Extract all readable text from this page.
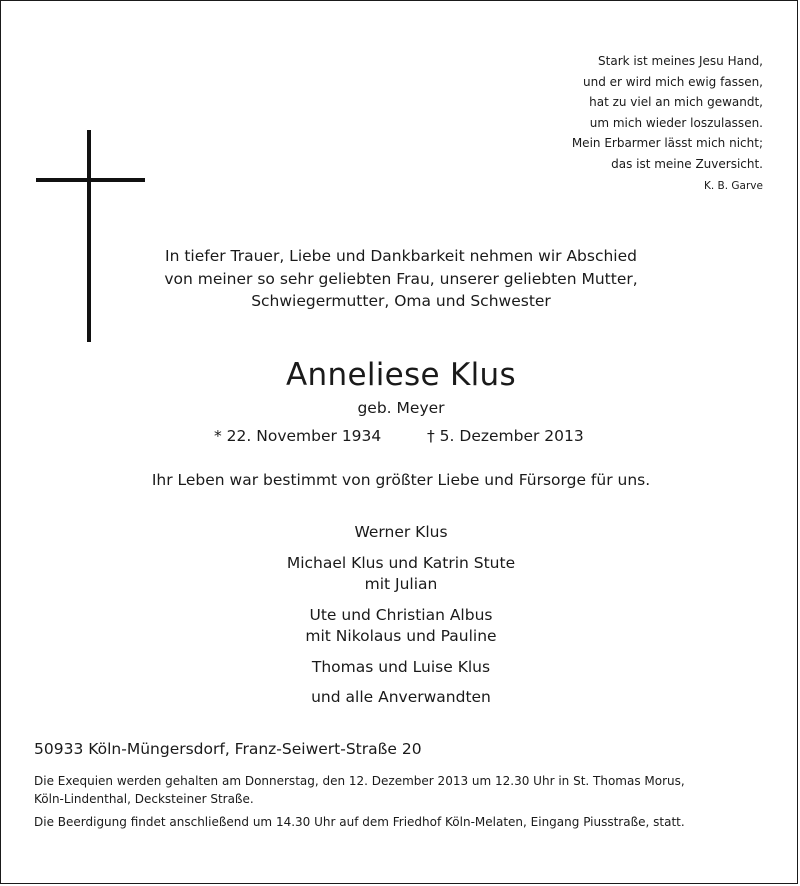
Stark ist meines Jesu Hand,
und er wird mich ewig fassen,
hat zu viel an mich gewandt,
um mich wieder loszulassen.
Mein Erbarmer lässt mich nicht;
das ist meine Zuversicht.
K. B. Garve
In tiefer Trauer, Liebe und Dankbarkeit nehmen wir Abschied
von meiner so sehr geliebten Frau, unserer geliebten Mutter,
Schwiegermutter, Oma und Schwester
Anneliese Klus
geb. Meyer
* 22. November 1934	† 5. Dezember 2013
Ihr Leben war bestimmt von größter Liebe und Fürsorge für uns.
Werner Klus
Michael Klus und Katrin Stute
mit Julian
Ute und Christian Albus
mit Nikolaus und Pauline
Thomas und Luise Klus
und alle Anverwandten
50933 Köln-Müngersdorf, Franz-Seiwert-Straße 20
Die Exequien werden gehalten am Donnerstag, den 12. Dezember 2013 um 12.30 Uhr in St. Thomas Morus,
Köln-Lindenthal, Decksteiner Straße.
Die Beerdigung findet anschließend um 14.30 Uhr auf dem Friedhof Köln-Melaten, Eingang Piusstraße, statt.
